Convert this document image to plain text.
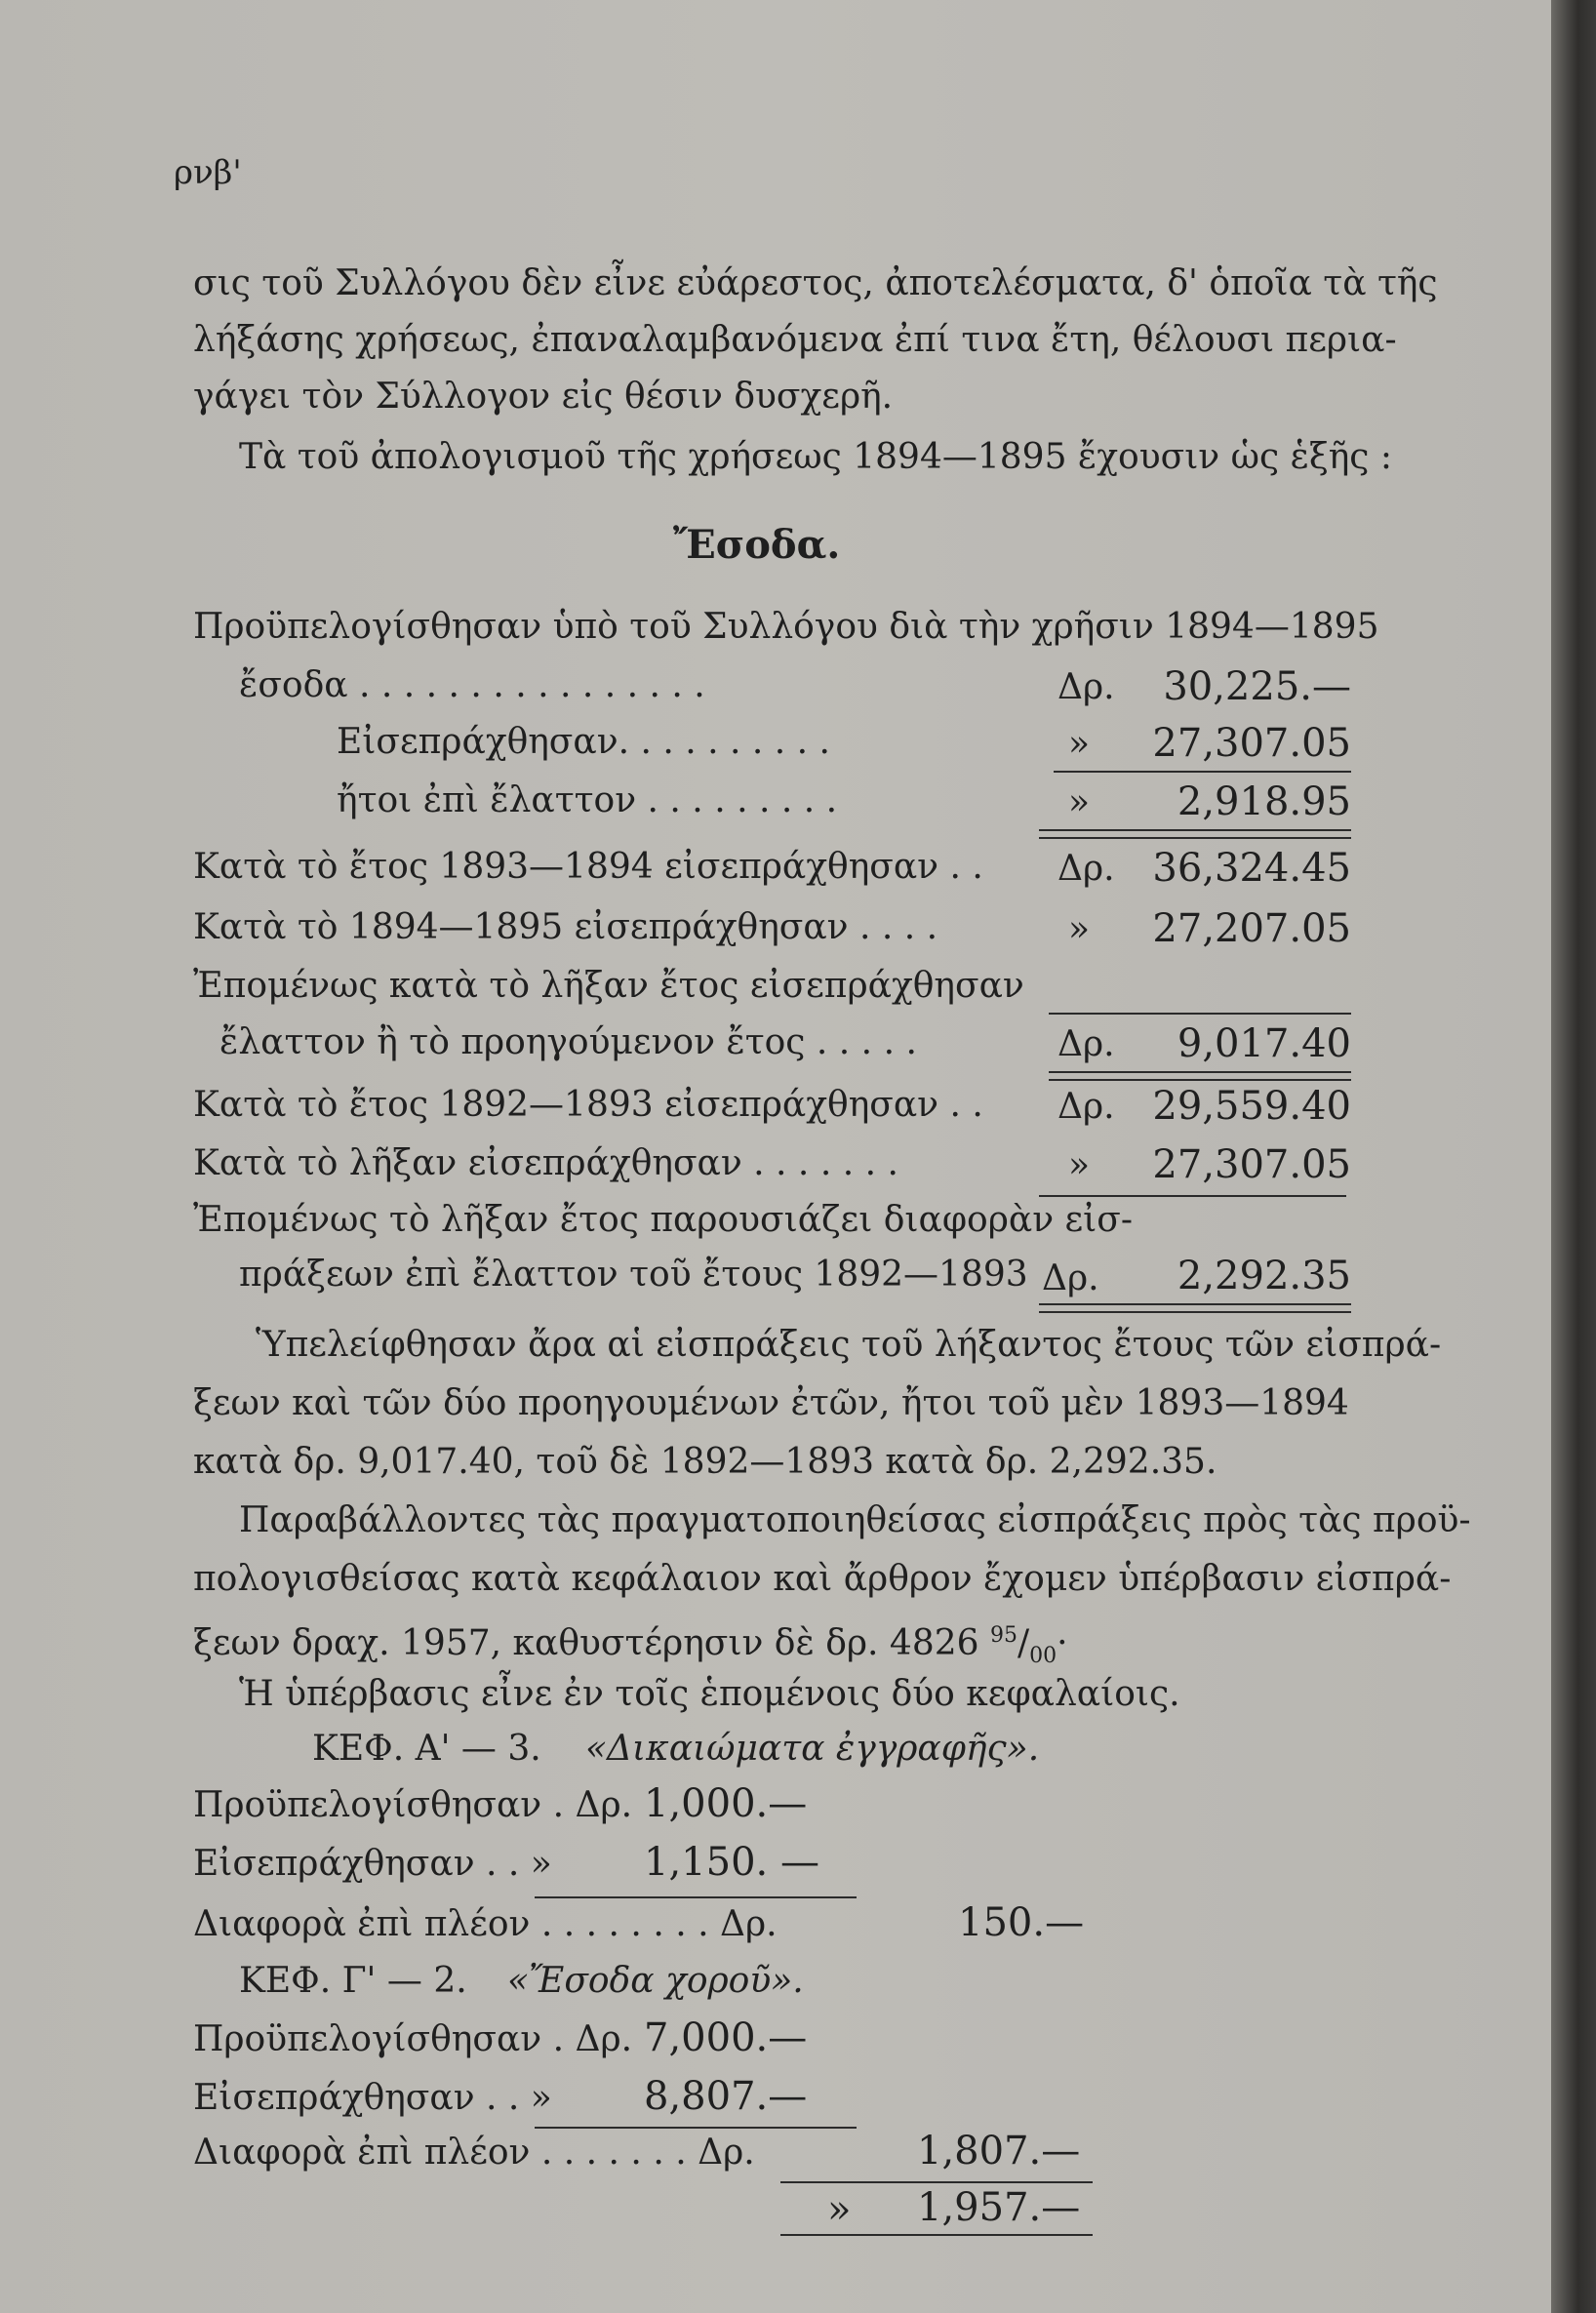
ρνβ'
σις τοῦ Συλλόγου δὲν εἶνε εὐάρεστος, ἀποτελέσματα, δ' ὁποῖα τὰ τῆς
λήξάσης χρήσεως, ἐπαναλαμβανόμενα ἐπί τινα ἔτη, θέλουσι περια-
γάγει τὸν Σύλλογον εἰς θέσιν δυσχερῆ.
Τὰ τοῦ ἀπολογισμοῦ τῆς χρήσεως 1894—1895 ἔχουσιν ὡς ἑξῆς :
Ἔσοδα.
Προϋπελογίσθησαν ὑπὸ τοῦ Συλλόγου διὰ τὴν χρῆσιν 1894—1895
ἔσοδα . . . . . . . . . . . . . . . .	Δρ. 30,225.—
Εἰσεπράχθησαν. . . . . . . . . .	» 27,307.05
ἤτοι ἐπὶ ἔλαττον . . . . . . . . .	» 2,918.95
Κατὰ τὸ ἔτος 1893—1894 εἰσεπράχθησαν . . Δρ. 36,324.45
Κατὰ τὸ 1894—1895 εἰσεπράχθησαν . . . .	» 27,207.05
Ἐπομένως κατὰ τὸ λῆξαν ἔτος εἰσεπράχθησαν
ἔλαττον ἢ τὸ προηγούμενον ἔτος . . . . .	Δρ. 9,017.40
Κατὰ τὸ ἔτος 1892—1893 εἰσεπράχθησαν . . Δρ. 29,559.40
Κατὰ τὸ λῆξαν εἰσεπράχθησαν . . . . . . .	» 27,307.05
Ἐπομένως τὸ λῆξαν ἔτος παρουσιάζει διαφορὰν εἰσ-
πράξεων ἐπὶ ἔλαττον τοῦ ἔτους 1892—1893 Δρ. 2,292.35
Ὑπελείφθησαν ἄρα αἱ εἰσπράξεις τοῦ λήξαντος ἔτους τῶν εἰσπρά-
ξεων καὶ τῶν δύο προηγουμένων ἐτῶν, ἤτοι τοῦ μὲν 1893—1894
κατὰ δρ. 9,017.40, τοῦ δὲ 1892—1893 κατὰ δρ. 2,292.35.
Παραβάλλοντες τὰς πραγματοποιηθείσας εἰσπράξεις πρὸς τὰς προϋ-
πολογισθείσας κατὰ κεφάλαιον καὶ ἄρθρον ἔχομεν ὑπέρβασιν εἰσπρά-
ξεων δραχ. 1957, καθυστέρησιν δὲ δρ. 4826 $^{95}/_{00}\cdot$
Ἡ ὑπέρβασις εἶνε ἐν τοῖς ἑπομένοις δύο κεφαλαίοις.
ΚΕΦ. Α' — 3. «Δικαιώματα ἐγγραφῆς».
Προϋπελογίσθησαν . Δρ. 1,000.—
Εἰσεπράχθησαν . . » 1,150. —
Διαφορὰ ἐπὶ πλέον . . . . . . . . Δρ.	150.—
ΚΕΦ. Γ' — 2. «Ἔσοδα χοροῦ».
Προϋπελογίσθησαν . Δρ. 7,000.—
Εἰσεπράχθησαν . . » 8,807.—
Διαφορὰ ἐπὶ πλέον . . . . . . . Δρ.	1,807.—
» 1,957.—
